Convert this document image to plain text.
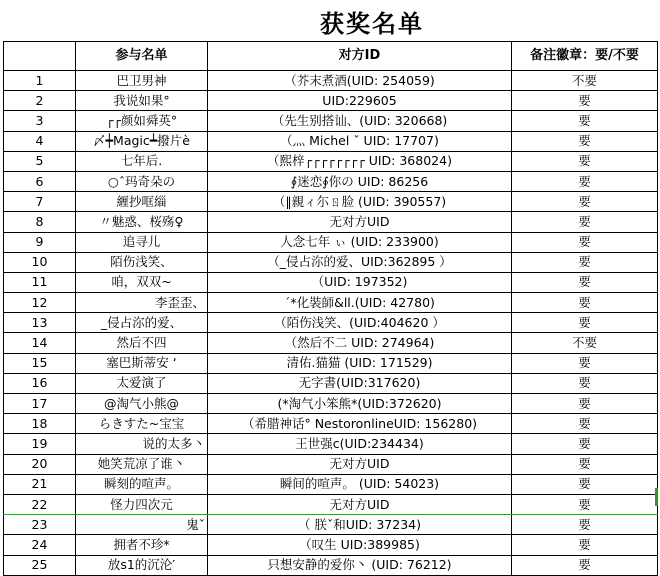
获奖名单
	参与名单	对方ID	备注徽章：要/不要
1	巴卫男神	（芥末煮酒(UID: 254059)	不要
2	我说如果°	UID:229605	要
3	┌┌颜如舜英°	（先生别搭讪、(UID: 320668)	要
4	〆┿Magic┷撥片è	（灬 Michel ˇ UID: 17707)	要
5	七年后.	（熙梓┌┌┌┌┌┌┌┌ UID: 368024)	要
6	○ˆ玛奇朵の	∮迷恋∮你の UID: 86256	要
7	緾抄哐緇	（‖親ィ尓ㄖ脸 (UID: 390557)	要
8	〃魅惑、桜殇♀	无对方UID	要
9	追寻儿	人念七年 ぃ (UID: 233900)	要
10	陌伤浅笑、	（_侵占沵的爱、UID:362895 ）	要
11	咱，双双~	（UID: 197352)	要
12	李歪歪、	ˊ*化裝師&ll.(UID: 42780)	要
13	_侵占沵的爱、	（陌伤浅笑、(UID:404620 ）	要
14	然后不四	（然后不二 UID: 274964)	不要
15	塞巴斯蒂安 ‘	清佑.猫猫 (UID: 171529)	要
16	太爱演了	无字書(UID:317620)	要
17	@淘气小熊@	(*淘气小笨熊*(UID:372620)	要
18	らきすた~宝宝	（希腊神话° NestoronlineUID: 156280)	要
19	说的太多丶	王世强c(UID:234434)	要
20	她笑荒凉了谁丶	无对方UID	要
21	瞬刻的喧声。	瞬间的喧声。 (UID: 54023)	要
22	怪力四次元	无对方UID	要
23	鬼ˇ	（ 朕ˇ和UID: 37234)	要
24	拥者不珍*	（叹生 UID:389985)	要
25	放s1的沉沦′	只想安静的爱你丶 (UID: 76212)	要
